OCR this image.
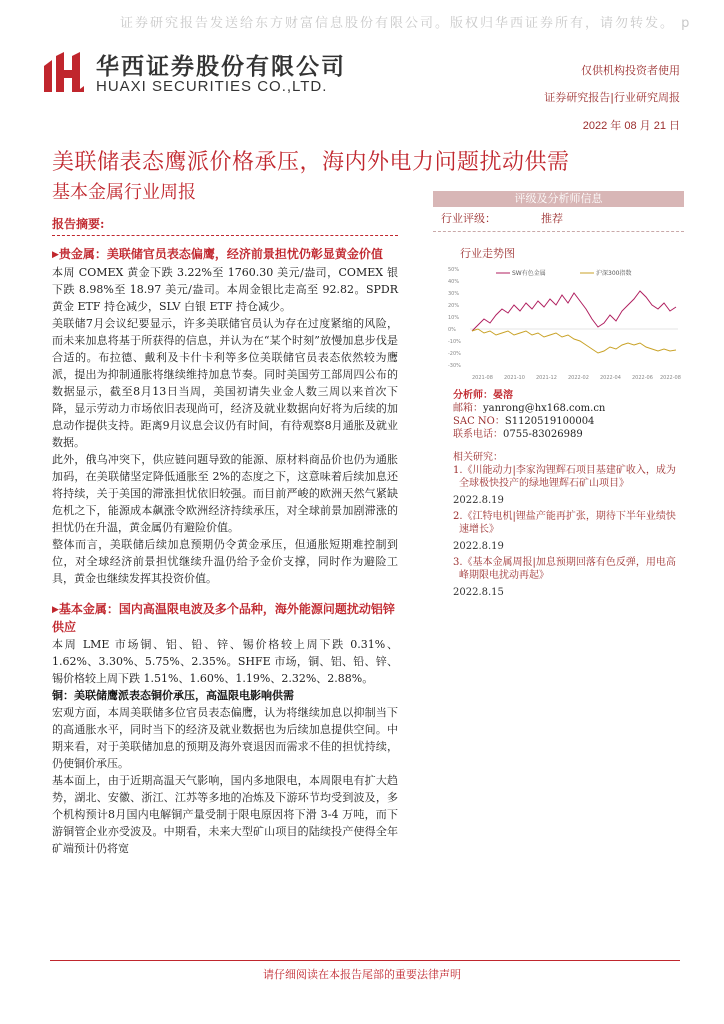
证券研究报告发送给东方财富信息股份有限公司。版权归华西证券所有，请勿转发。 p
华西证券股份有限公司
HUAXI SECURITIES CO.,LTD.
仅供机构投资者使用
证券研究报告|行业研究周报
2022 年 08 月 21 日
美联储表态鹰派价格承压，海内外电力问题扰动供需
基本金属行业周报
报告摘要:
▶贵金属：美联储官员表态偏鹰，经济前景担忧仍彰显黄金价值

本周 COMEX 黄金下跌 3.22%至 1760.30 美元/盎司，COMEX 银下跌 8.98%至 18.97 美元/盎司。本周金银比走高至 92.82。SPDR 黄金 ETF 持仓减少，SLV 白银 ETF 持仓减少。

美联储7月会议纪要显示，许多美联储官员认为存在过度紧缩的风险，而未来加息将基于所获得的信息，并认为在“某个时刻”放慢加息步伐是合适的。布拉德、戴利及卡什卡利等多位美联储官员表态依然较为鹰派，提出为抑制通胀将继续维持加息节奏。同时美国劳工部周四公布的数据显示，截至8月13日当周，美国初请失业金人数三周以来首次下降，显示劳动力市场依旧表现尚可，经济及就业数据向好将为后续的加息动作提供支持。距离9月议息会议仍有时间，有待观察8月通胀及就业数据。

此外，俄乌冲突下，供应链问题导致的能源、原材料商品价也仍为通胀加码，在美联储坚定降低通胀至 2%的态度之下，这意味着后续加息还将持续，关于美国的滞涨担忧依旧较强。而目前严峻的欧洲天然气紧缺危机之下，能源成本飙涨令欧洲经济持续承压，对全球前景加剧滞涨的担忧仍在升温，黄金属仍有避险价值。

整体而言，美联储后续加息预期仍令黄金承压，但通胀短期难控制到位，对全球经济前景担忧继续升温仍给予金价支撑，同时作为避险工具，黄金也继续发挥其投资价值。

▶基本金属：国内高温限电波及多个品种，海外能源问题扰动铝锌供应

本周 LME 市场铜、铝、铅、锌、锡价格较上周下跌 0.31%、1.62%、3.30%、5.75%、2.35%。SHFE 市场，铜、铝、铅、锌、锡价格较上周下跌 1.51%、1.60%、1.19%、2.32%、2.88%。

铜：美联储鹰派表态铜价承压，高温限电影响供需

宏观方面，本周美联储多位官员表态偏鹰，认为将继续加息以抑制当下的高通胀水平，同时当下的经济及就业数据也为后续加息提供空间。中期来看，对于美联储加息的预期及海外衰退因而需求不佳的担忧持续，仍使铜价承压。

基本面上，由于近期高温天气影响，国内多地限电，本周限电有扩大趋势，湖北、安徽、浙江、江苏等多地的冶炼及下游环节均受到波及，多个机构预计8月国内电解铜产量受制于限电原因将下滑 3-4 万吨，而下游铜管企业亦受波及。中期看，未来大型矿山项目的陆续投产使得全年矿端预计仍将宽

评级及分析师信息
行业评级：	推荐
行业走势图
50%
40%
30%
20%
10%
0%
-10%
-20%
-30%
SW有色金属	沪深300指数
2021-08 2021-10 2021-12 2022-02 2022-04 2022-06 2022-08
分析师：晏溶
邮箱：yanrong@hx168.com.cn
SAC NO：S1120519100004
联系电话：0755-83026989
相关研究：
1.《川能动力|李家沟锂辉石项目基建矿收入，成为全球极快投产的绿地锂辉石矿山项目》
2022.8.19
2.《江特电机|锂盐产能再扩张，期待下半年业绩快速增长》
2022.8.19
3.《基本金属周报|加息预期回落有色反弹，用电高峰期限电扰动再起》
2022.8.15
请仔细阅读在本报告尾部的重要法律声明
